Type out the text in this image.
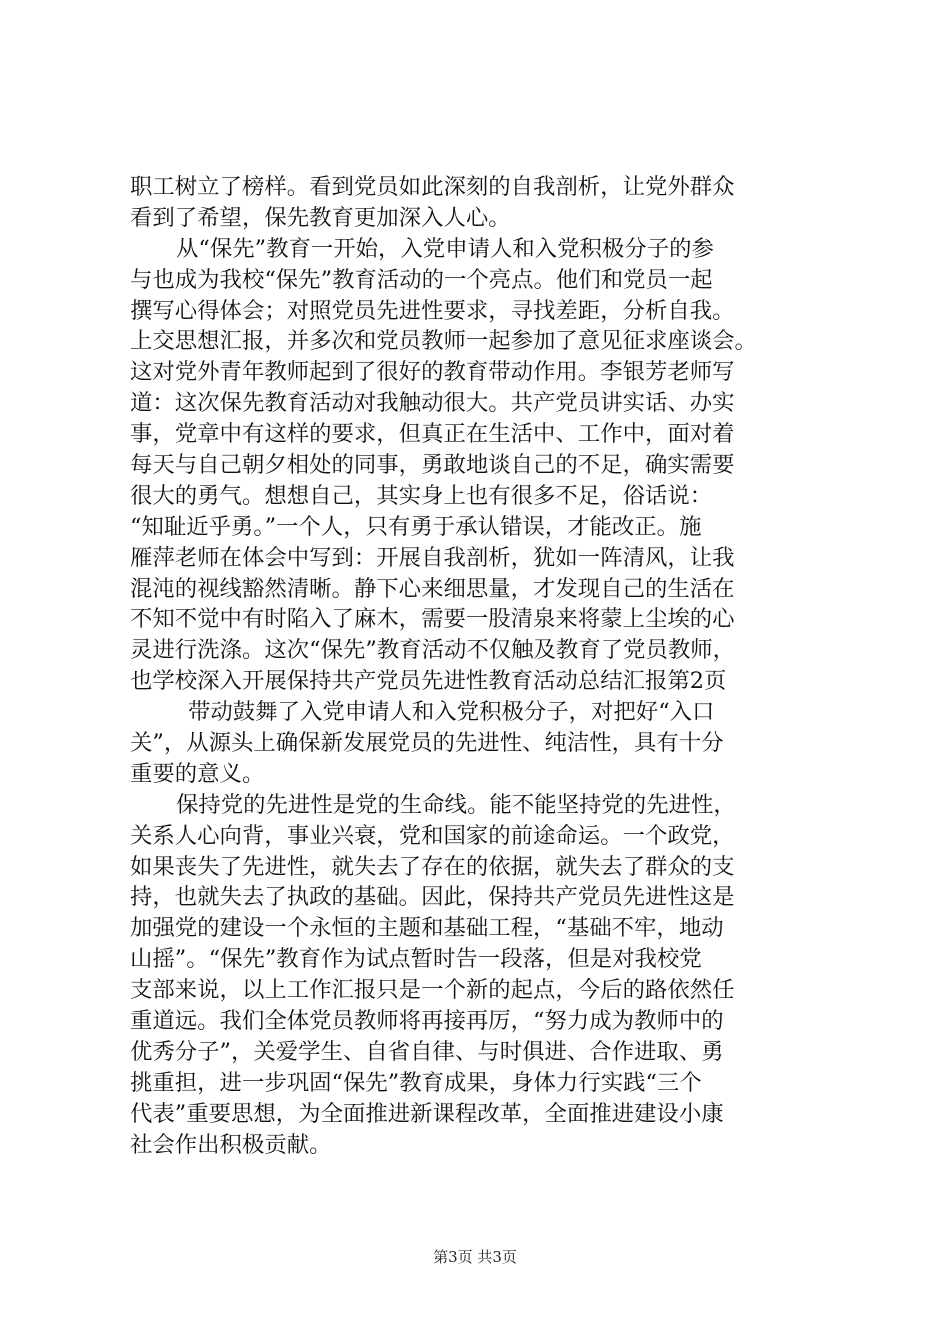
职工树立了榜样。看到党员如此深刻的自我剖析，让党外群众
看到了希望，保先教育更加深入人心。
从“保先”教育一开始，入党申请人和入党积极分子的参
与也成为我校“保先”教育活动的一个亮点。他们和党员一起
撰写心得体会；对照党员先进性要求，寻找差距，分析自我。
上交思想汇报，并多次和党员教师一起参加了意见征求座谈会。
这对党外青年教师起到了很好的教育带动作用。李银芳老师写
道：这次保先教育活动对我触动很大。共产党员讲实话、办实
事，党章中有这样的要求，但真正在生活中、工作中，面对着
每天与自己朝夕相处的同事，勇敢地谈自己的不足，确实需要
很大的勇气。想想自己，其实身上也有很多不足，俗话说：
“知耻近乎勇。”一个人，只有勇于承认错误，才能改正。施
雁萍老师在体会中写到：开展自我剖析，犹如一阵清风，让我
混沌的视线豁然清晰。静下心来细思量，才发现自己的生活在
不知不觉中有时陷入了麻木，需要一股清泉来将蒙上尘埃的心
灵进行洗涤。这次“保先”教育活动不仅触及教育了党员教师，
也学校深入开展保持共产党员先进性教育活动总结汇报第2页
带动鼓舞了入党申请人和入党积极分子，对把好“入口
关”，从源头上确保新发展党员的先进性、纯洁性，具有十分
重要的意义。
保持党的先进性是党的生命线。能不能坚持党的先进性，
关系人心向背，事业兴衰，党和国家的前途命运。一个政党，
如果丧失了先进性，就失去了存在的依据，就失去了群众的支
持，也就失去了执政的基础。因此，保持共产党员先进性这是
加强党的建设一个永恒的主题和基础工程，“基础不牢，地动
山摇”。“保先”教育作为试点暂时告一段落，但是对我校党
支部来说，以上工作汇报只是一个新的起点，今后的路依然任
重道远。我们全体党员教师将再接再厉，“努力成为教师中的
优秀分子”，关爱学生、自省自律、与时俱进、合作进取、勇
挑重担，进一步巩固“保先”教育成果，身体力行实践“三个
代表”重要思想，为全面推进新课程改革，全面推进建设小康
社会作出积极贡献。
第3页 共3页
